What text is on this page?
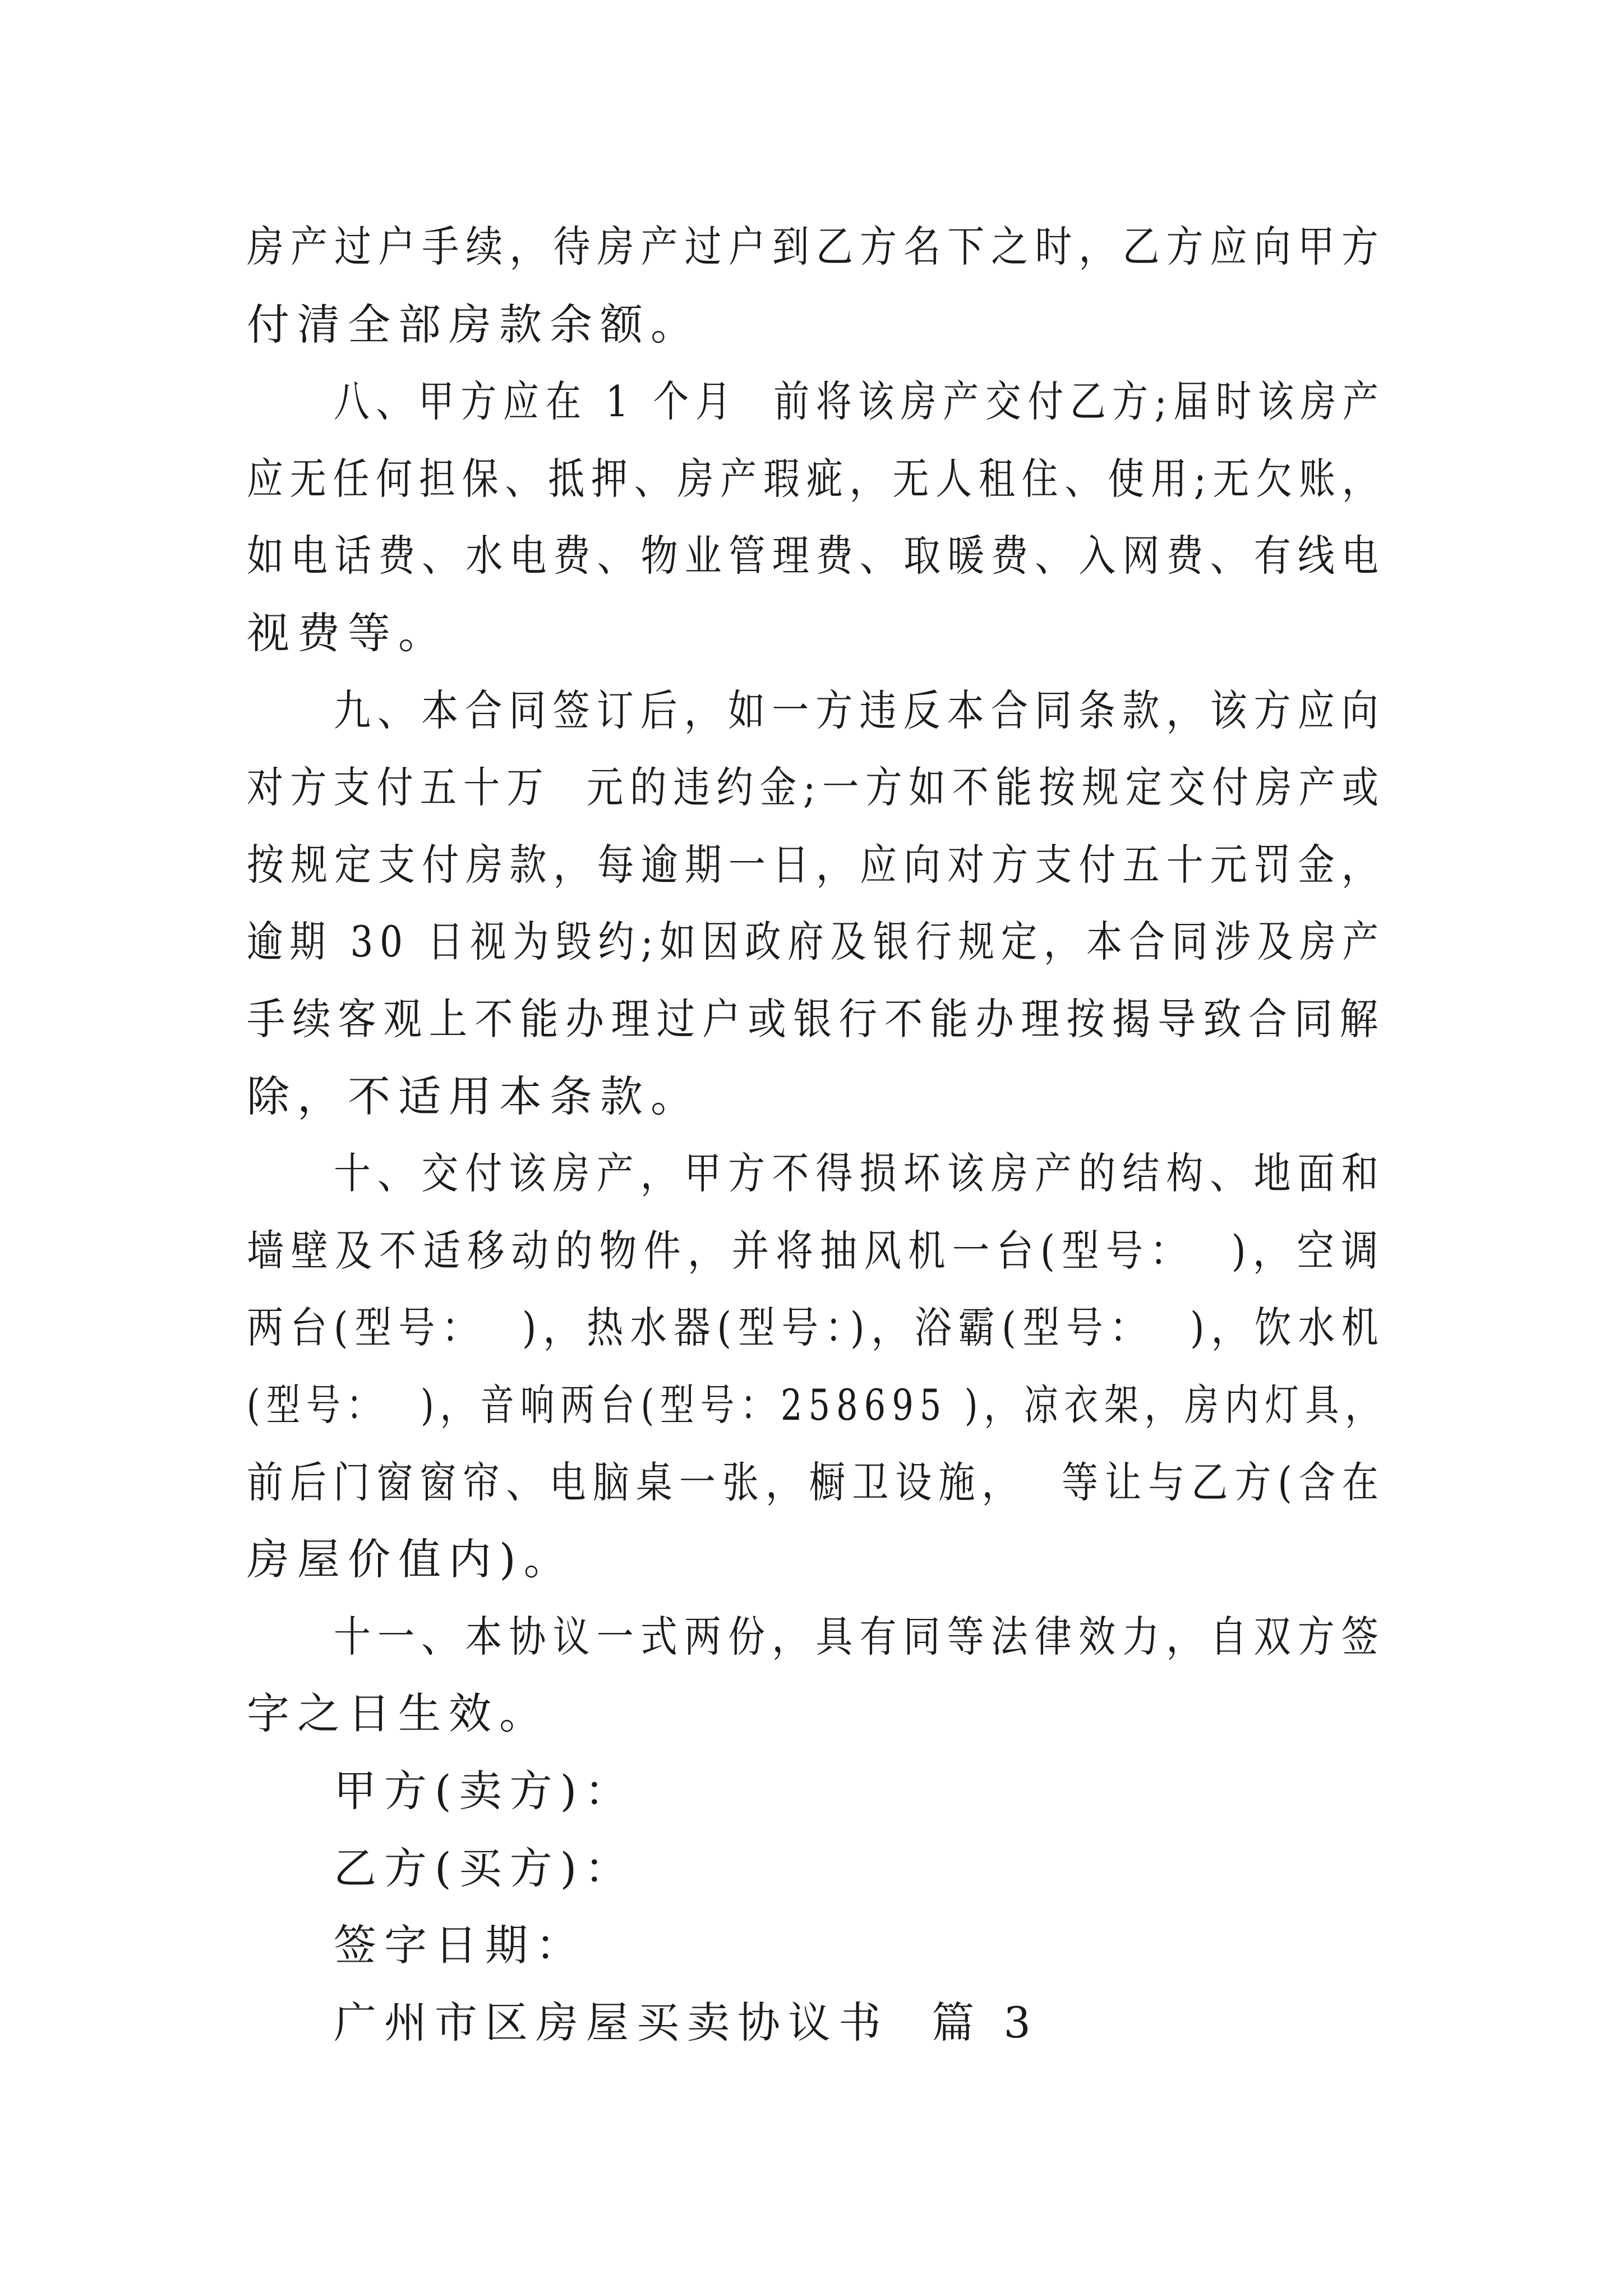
房产过户手续，待房产过户到乙方名下之时，乙方应向甲方
付清全部房款余额。
八、甲方应在 1 个月  前将该房产交付乙方;届时该房产
应无任何担保、抵押、房产瑕疵，无人租住、使用;无欠账，
如电话费、水电费、物业管理费、取暖费、入网费、有线电
视费等。
九、本合同签订后，如一方违反本合同条款，该方应向
对方支付五十万  元的违约金;一方如不能按规定交付房产或
按规定支付房款，每逾期一日，应向对方支付五十元罚金，
逾期 30 日视为毁约;如因政府及银行规定，本合同涉及房产
手续客观上不能办理过户或银行不能办理按揭导致合同解
除，不适用本条款。
十、交付该房产，甲方不得损坏该房产的结构、地面和
墙壁及不适移动的物件，并将抽风机一台(型号：  )，空调
两台(型号：  )，热水器(型号：)，浴霸(型号：  )，饮水机
(型号：  )，音响两台(型号：258695 )，凉衣架，房内灯具，
前后门窗窗帘、电脑桌一张，橱卫设施，  等让与乙方(含在
房屋价值内)。
十一、本协议一式两份，具有同等法律效力，自双方签
字之日生效。
甲方(卖方)：
乙方(买方)：
签字日期：
广州市区房屋买卖协议书  篇 3
